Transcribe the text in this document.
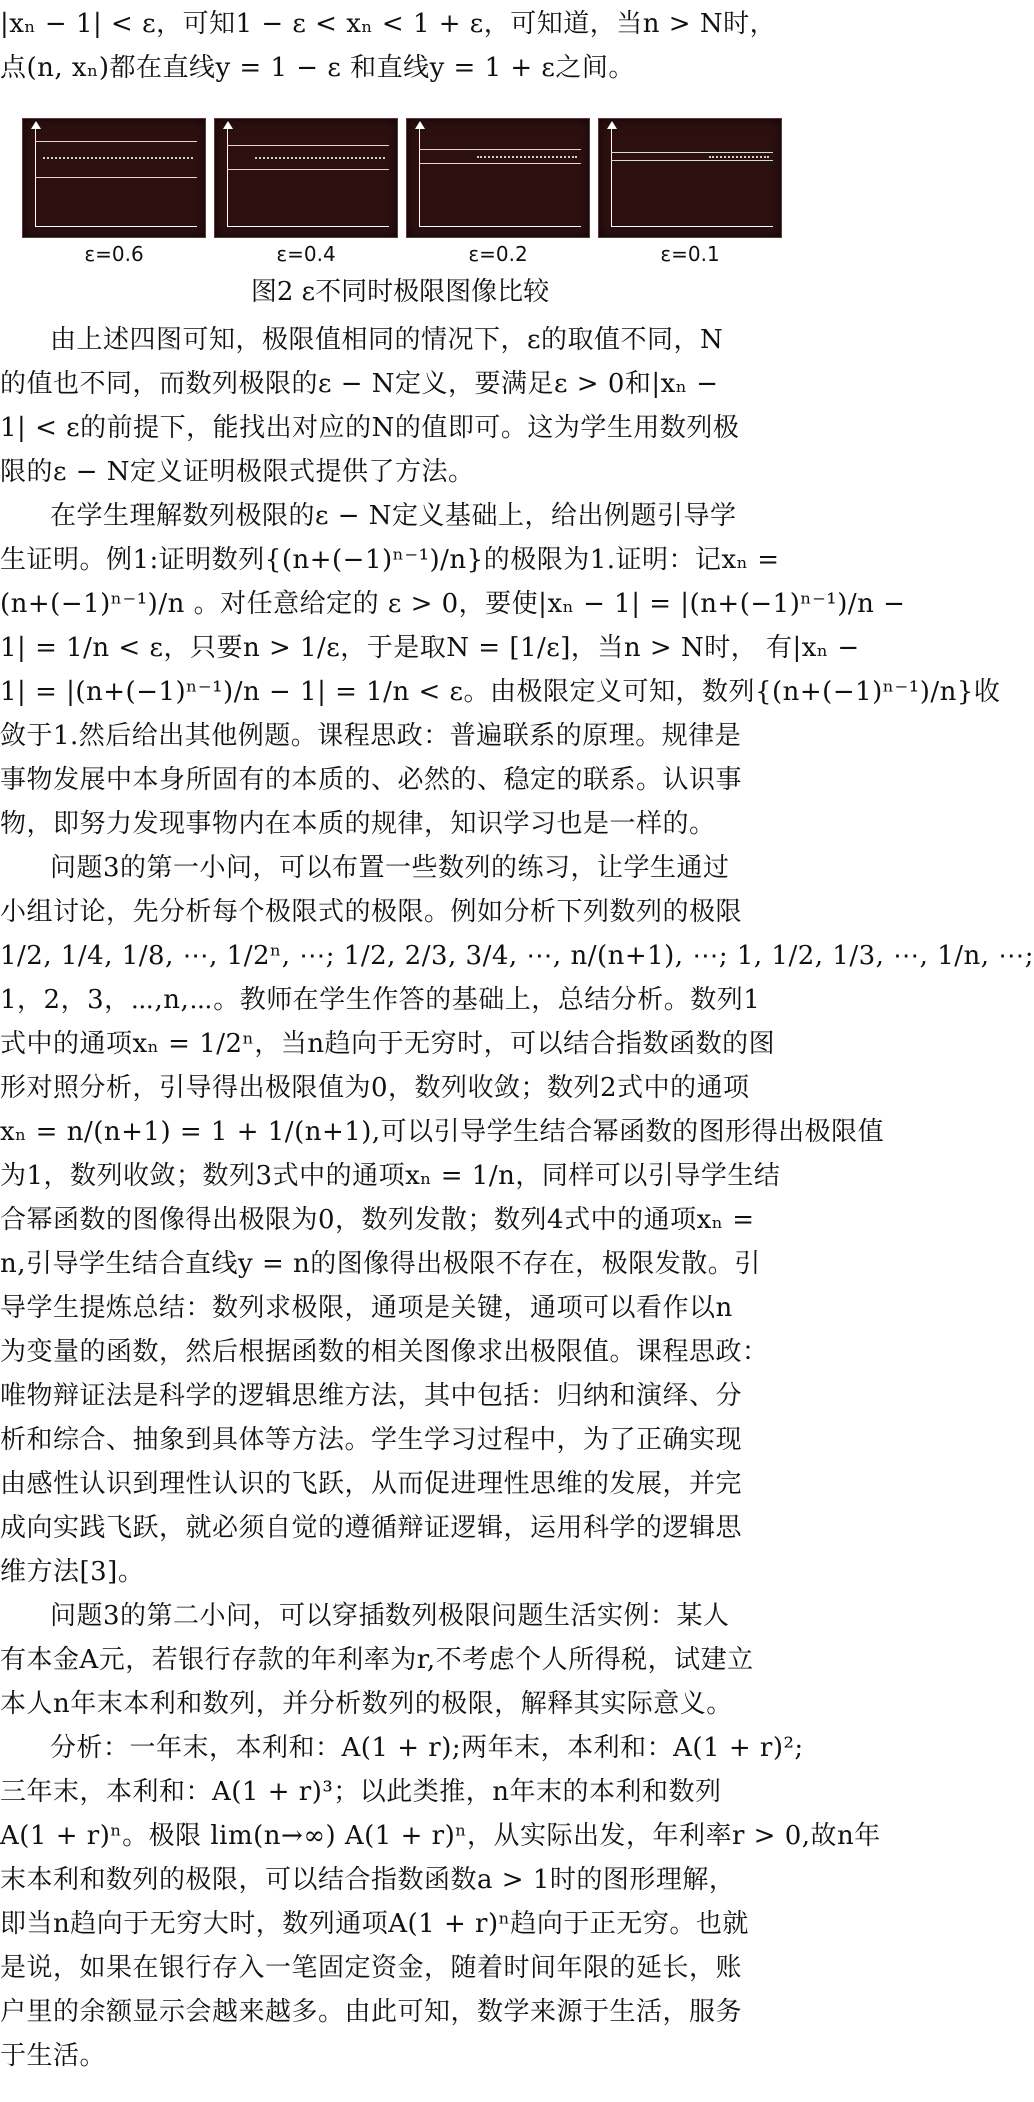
|xₙ − 1| < ε，可知1 − ε < xₙ < 1 + ε，可知道，当n > N时，

点(n, xₙ)都在直线y = 1 − ε 和直线y = 1 + ε之间。

ε=0.6	ε=0.4	ε=0.2	ε=0.1
图2 ε不同时极限图像比较

由上述四图可知，极限值相同的情况下，ε的取值不同，N

的值也不同，而数列极限的ε − N定义，要满足ε > 0和|xₙ −

1| < ε的前提下，能找出对应的N的值即可。这为学生用数列极

限的ε − N定义证明极限式提供了方法。

在学生理解数列极限的ε − N定义基础上，给出例题引导学

生证明。例1:证明数列{(n+(−1)ⁿ⁻¹)/n}的极限为1.证明：记xₙ =

(n+(−1)ⁿ⁻¹)/n 。对任意给定的 ε > 0，要使|xₙ − 1| = |(n+(−1)ⁿ⁻¹)/n −

1| = 1/n < ε，只要n > 1/ε，于是取N = [1/ε]，当n > N时， 有|xₙ −

1| = |(n+(−1)ⁿ⁻¹)/n − 1| = 1/n < ε。由极限定义可知，数列{(n+(−1)ⁿ⁻¹)/n}收

敛于1.然后给出其他例题。课程思政：普遍联系的原理。规律是

事物发展中本身所固有的本质的、必然的、稳定的联系。认识事

物，即努力发现事物内在本质的规律，知识学习也是一样的。

问题3的第一小问，可以布置一些数列的练习，让学生通过

小组讨论，先分析每个极限式的极限。例如分析下列数列的极限

1/2, 1/4, 1/8, ⋯, 1/2ⁿ, ⋯; 1/2, 2/3, 3/4, ⋯, n/(n+1), ⋯; 1, 1/2, 1/3, ⋯, 1/n, ⋯;

1，2，3，⋯,n,⋯。教师在学生作答的基础上，总结分析。数列1

式中的通项xₙ = 1/2ⁿ，当n趋向于无穷时，可以结合指数函数的图

形对照分析，引导得出极限值为0，数列收敛；数列2式中的通项

xₙ = n/(n+1) = 1 + 1/(n+1),可以引导学生结合幂函数的图形得出极限值

为1，数列收敛；数列3式中的通项xₙ = 1/n，同样可以引导学生结

合幂函数的图像得出极限为0，数列发散；数列4式中的通项xₙ =

n,引导学生结合直线y = n的图像得出极限不存在，极限发散。引

导学生提炼总结：数列求极限，通项是关键，通项可以看作以n

为变量的函数，然后根据函数的相关图像求出极限值。课程思政：

唯物辩证法是科学的逻辑思维方法，其中包括：归纳和演绎、分

析和综合、抽象到具体等方法。学生学习过程中，为了正确实现

由感性认识到理性认识的飞跃，从而促进理性思维的发展，并完

成向实践飞跃，就必须自觉的遵循辩证逻辑，运用科学的逻辑思

维方法[3]。

问题3的第二小问，可以穿插数列极限问题生活实例：某人

有本金A元，若银行存款的年利率为r,不考虑个人所得税，试建立

本人n年末本利和数列，并分析数列的极限，解释其实际意义。

分析：一年末，本利和：A(1 + r);两年末，本利和：A(1 + r)²;

三年末，本利和：A(1 + r)³；以此类推，n年末的本利和数列

A(1 + r)ⁿ。极限 lim(n→∞) A(1 + r)ⁿ，从实际出发，年利率r > 0,故n年

末本利和数列的极限，可以结合指数函数a > 1时的图形理解，

即当n趋向于无穷大时，数列通项A(1 + r)ⁿ趋向于正无穷。也就

是说，如果在银行存入一笔固定资金，随着时间年限的延长，账

户里的余额显示会越来越多。由此可知，数学来源于生活，服务

于生活。
